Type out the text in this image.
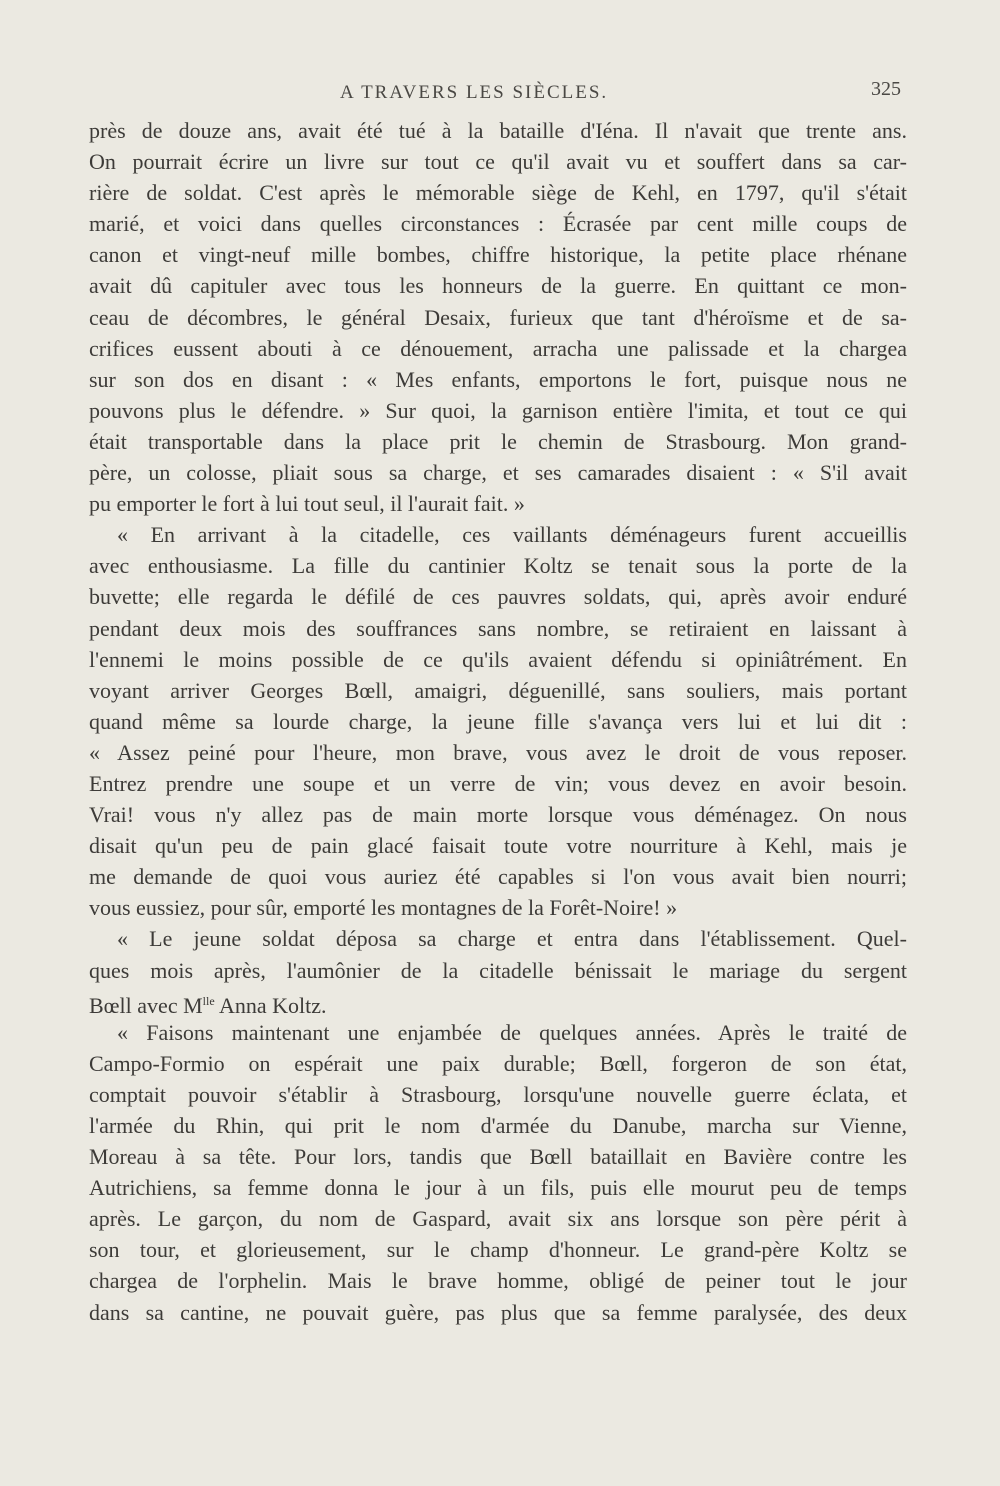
A TRAVERS LES SIÈCLES.	325
près de douze ans, avait été tué à la bataille d'Iéna. Il n'avait que trente ans.
On pourrait écrire un livre sur tout ce qu'il avait vu et souffert dans sa car-
rière de soldat. C'est après le mémorable siège de Kehl, en 1797, qu'il s'était
marié, et voici dans quelles circonstances : Écrasée par cent mille coups de
canon et vingt-neuf mille bombes, chiffre historique, la petite place rhénane
avait dû capituler avec tous les honneurs de la guerre. En quittant ce mon-
ceau de décombres, le général Desaix, furieux que tant d'héroïsme et de sa-
crifices eussent abouti à ce dénouement, arracha une palissade et la chargea
sur son dos en disant : « Mes enfants, emportons le fort, puisque nous ne
pouvons plus le défendre. » Sur quoi, la garnison entière l'imita, et tout ce qui
était transportable dans la place prit le chemin de Strasbourg. Mon grand-
père, un colosse, pliait sous sa charge, et ses camarades disaient : « S'il avait
pu emporter le fort à lui tout seul, il l'aurait fait. »
« En arrivant à la citadelle, ces vaillants déménageurs furent accueillis
avec enthousiasme. La fille du cantinier Koltz se tenait sous la porte de la
buvette; elle regarda le défilé de ces pauvres soldats, qui, après avoir enduré
pendant deux mois des souffrances sans nombre, se retiraient en laissant à
l'ennemi le moins possible de ce qu'ils avaient défendu si opiniâtrément. En
voyant arriver Georges Bœll, amaigri, déguenillé, sans souliers, mais portant
quand même sa lourde charge, la jeune fille s'avança vers lui et lui dit :
« Assez peiné pour l'heure, mon brave, vous avez le droit de vous reposer.
Entrez prendre une soupe et un verre de vin; vous devez en avoir besoin.
Vrai! vous n'y allez pas de main morte lorsque vous déménagez. On nous
disait qu'un peu de pain glacé faisait toute votre nourriture à Kehl, mais je
me demande de quoi vous auriez été capables si l'on vous avait bien nourri;
vous eussiez, pour sûr, emporté les montagnes de la Forêt-Noire! »
« Le jeune soldat déposa sa charge et entra dans l'établissement. Quel-
ques mois après, l'aumônier de la citadelle bénissait le mariage du sergent
Bœll avec $M^{lle}$ Anna Koltz.
« Faisons maintenant une enjambée de quelques années. Après le traité de
Campo-Formio on espérait une paix durable; Bœll, forgeron de son état,
comptait pouvoir s'établir à Strasbourg, lorsqu'une nouvelle guerre éclata, et
l'armée du Rhin, qui prit le nom d'armée du Danube, marcha sur Vienne,
Moreau à sa tête. Pour lors, tandis que Bœll bataillait en Bavière contre les
Autrichiens, sa femme donna le jour à un fils, puis elle mourut peu de temps
après. Le garçon, du nom de Gaspard, avait six ans lorsque son père périt à
son tour, et glorieusement, sur le champ d'honneur. Le grand-père Koltz se
chargea de l'orphelin. Mais le brave homme, obligé de peiner tout le jour
dans sa cantine, ne pouvait guère, pas plus que sa femme paralysée, des deux
